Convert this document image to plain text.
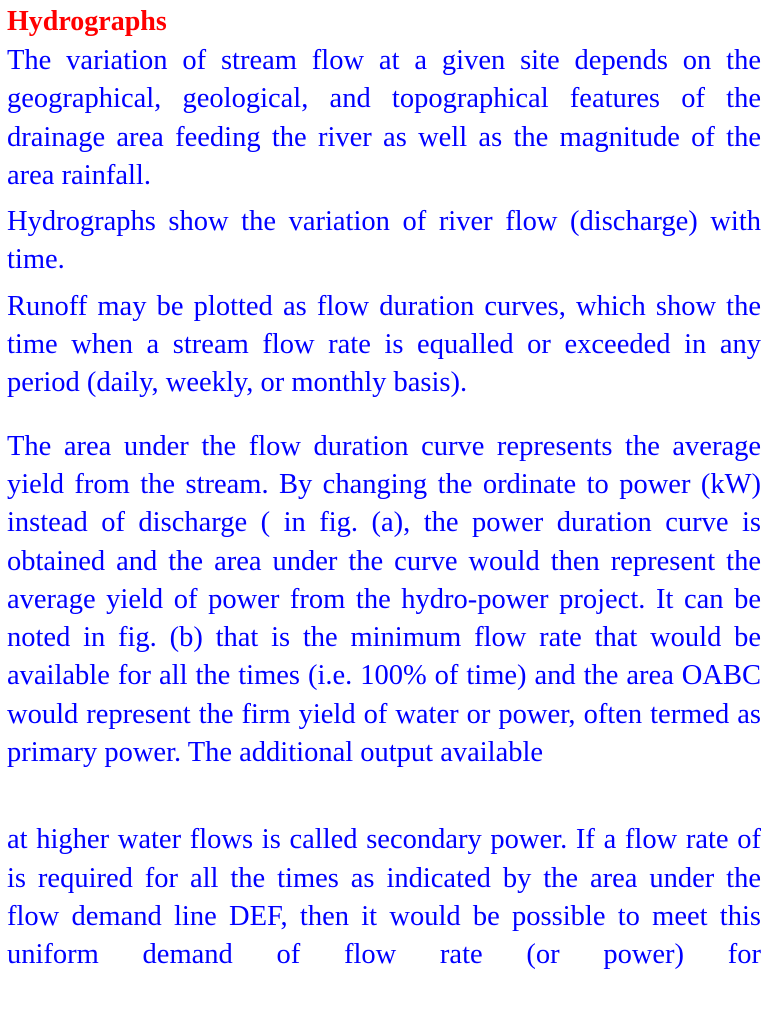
Hydrographs

The variation of stream flow at a given site depends on the geographical, geological, and topographical features of the drainage area feeding the river as well as the magnitude of the area rainfall.

Hydrographs show the variation of river flow (discharge) with time.

Runoff may be plotted as flow duration curves, which show the time when a stream flow rate is equalled or exceeded in any period (daily, weekly, or monthly basis).

The area under the flow duration curve represents the average yield from the stream. By changing the ordinate to power (kW) instead of discharge ( in fig. (a), the power duration curve is obtained and the area under the curve would then represent the average yield of power from the hydro-power project. It can be noted in fig. (b) that is the minimum flow rate that would be available for all the times (i.e. 100% of time) and the area OABC would represent the firm yield of water or power, often termed as primary power. The additional output available

at higher water flows is called secondary power. If a flow rate of is required for all the times as indicated by the area under the flow demand line DEF, then it would be possible to meet this uniform demand of flow rate (or power) for
